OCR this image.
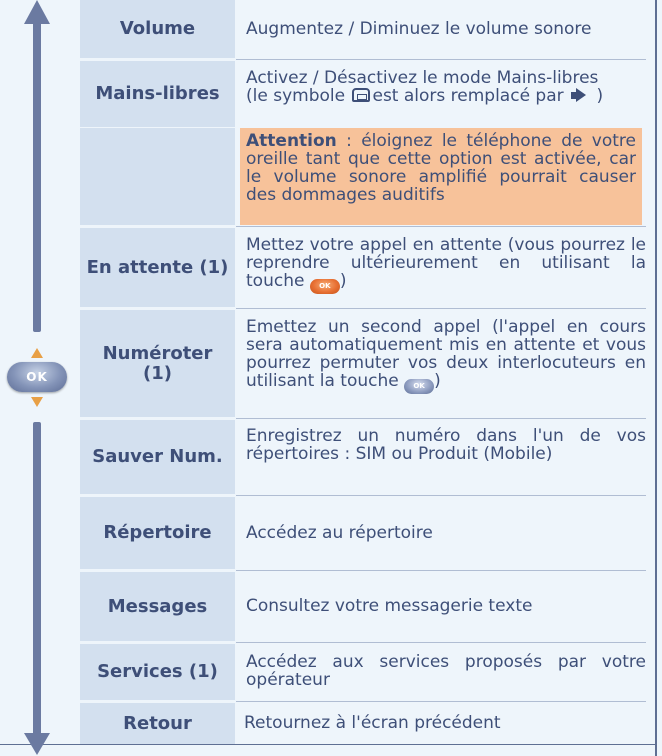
OK
Volume
Mains-libres
En attente (1)
Numéroter (1)
Sauver Num.
Répertoire
Messages
Services (1)
Retour
Augmentez / Diminuez le volume sonore
Activez / Désactivez le mode Mains-libres
(le symbole est alors remplacé par )
Attention : éloignez le téléphone de votre oreille tant que cette option est activée, car le volume sonore amplifié pourrait causer des dommages auditifs
Mettez votre appel en attente (vous pourrez le reprendre ultérieurement en utilisant la touche OK )
Emettez un second appel (l'appel en cours sera automatiquement mis en attente et vous pourrez permuter vos deux interlocuteurs en utilisant la touche OK )
Enregistrez un numéro dans l'un de vos répertoires : SIM ou Produit (Mobile)
Accédez au répertoire
Consultez votre messagerie texte
Accédez aux services proposés par votre opérateur
Retournez à l'écran précédent
